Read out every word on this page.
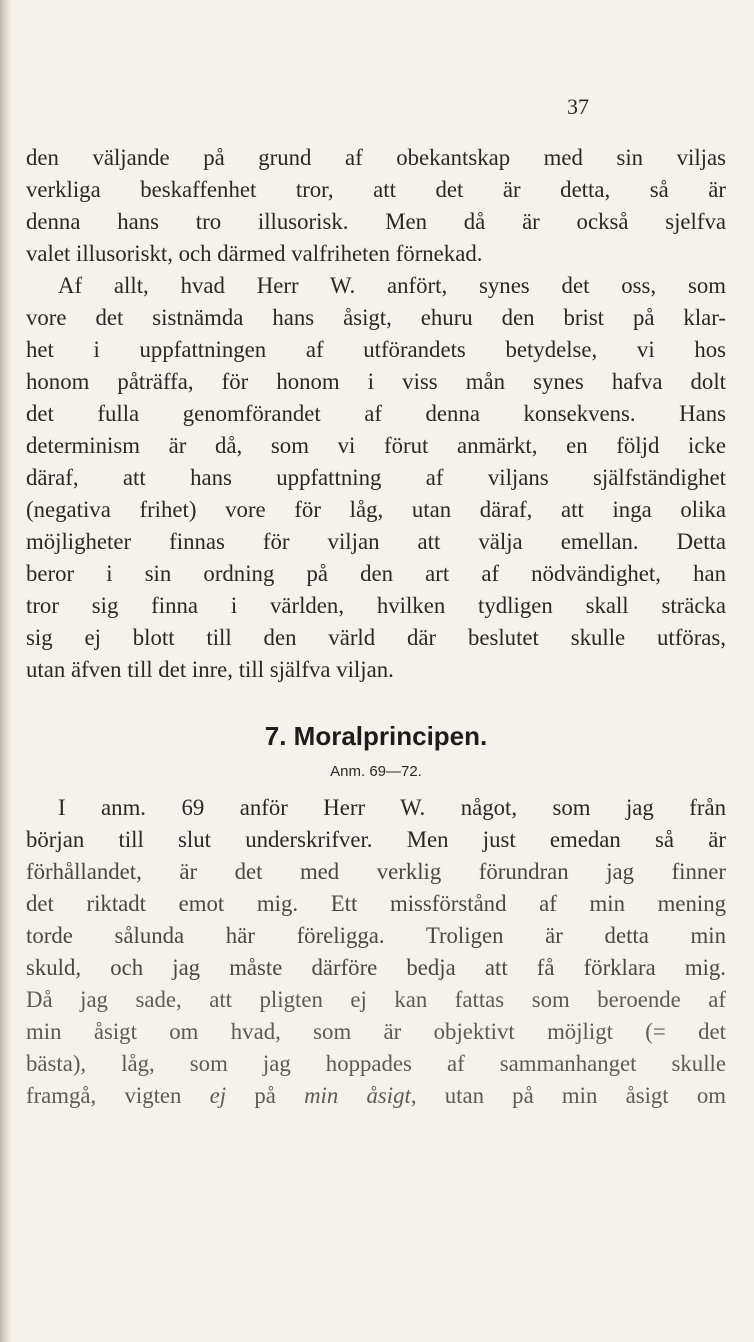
37
den väljande på grund af obekantskap med sin viljas
verkliga beskaffenhet tror, att det är detta, så är
denna hans tro illusorisk. Men då är också sjelfva
valet illusoriskt, och därmed valfriheten förnekad.
Af allt, hvad Herr W. anfört, synes det oss, som
vore det sistnämda hans åsigt, ehuru den brist på klar-
het i uppfattningen af utförandets betydelse, vi hos
honom påträffa, för honom i viss mån synes hafva dolt
det fulla genomförandet af denna konsekvens. Hans
determinism är då, som vi förut anmärkt, en följd icke
däraf, att hans uppfattning af viljans själfständighet
(negativa frihet) vore för låg, utan däraf, att inga olika
möjligheter finnas för viljan att välja emellan. Detta
beror i sin ordning på den art af nödvändighet, han
tror sig finna i världen, hvilken tydligen skall sträcka
sig ej blott till den värld där beslutet skulle utföras,
utan äfven till det inre, till själfva viljan.
7. Moralprincipen.
Anm. 69—72.
I anm. 69 anför Herr W. något, som jag från
början till slut underskrifver. Men just emedan så är
förhållandet, är det med verklig förundran jag finner
det riktadt emot mig. Ett missförstånd af min mening
torde sålunda här föreligga. Troligen är detta min
skuld, och jag måste därföre bedja att få förklara mig.
Då jag sade, att pligten ej kan fattas som beroende af
min åsigt om hvad, som är objektivt möjligt (= det
bästa), låg, som jag hoppades af sammanhanget skulle
framgå, vigten ej på min åsigt, utan på min åsigt om
